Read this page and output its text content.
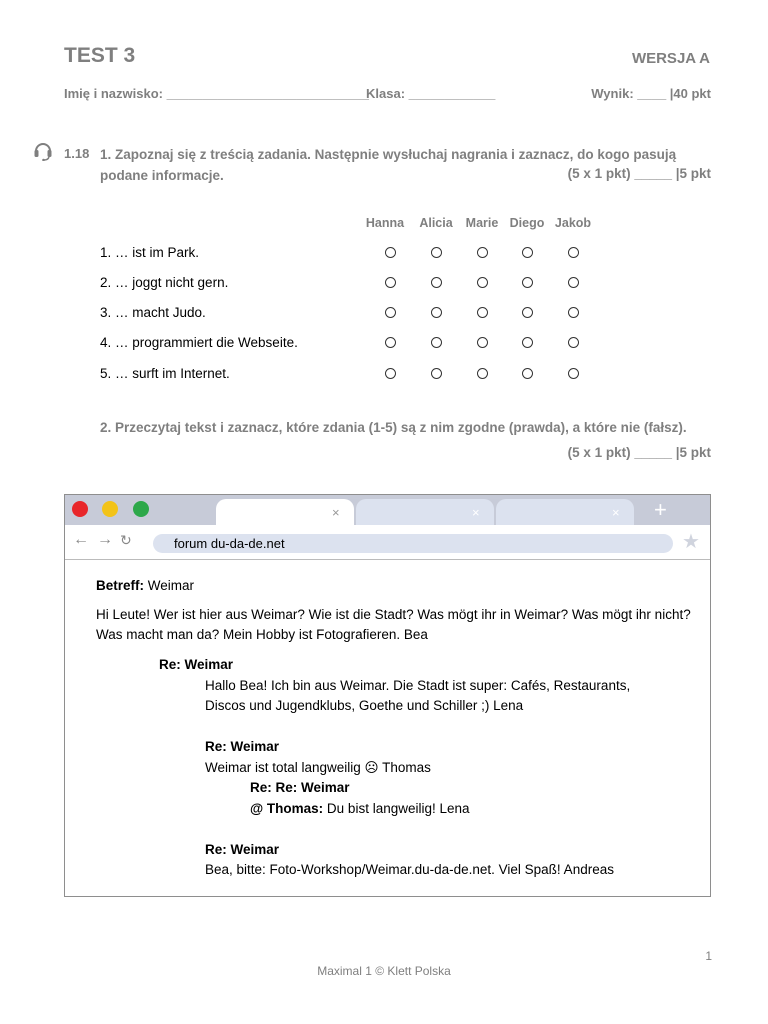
TEST 3	WERSJA A
Imię i nazwisko: ____________________________
Klasa: ____________	Wynik: ____ |40 pkt
1.18 1. Zapoznaj się z treścią zadania. Następnie wysłuchaj nagrania i zaznacz, do kogo pasują podane informacje.	(5 x 1 pkt) _____ |5 pkt
Hanna	Alicia	Marie Diego Jakob
1. … ist im Park.
2. … joggt nicht gern.
3. … macht Judo.
4. … programmiert die Webseite.
5. … surft im Internet.
2. Przeczytaj tekst i zaznacz, które zdania (1-5) są z nim zgodne (prawda), a które nie (fałsz).
(5 x 1 pkt) _____ |5 pkt
×	×	× +
← → ↻	forum du-da-de.net	★
Betreff: Weimar
Hi Leute! Wer ist hier aus Weimar? Wie ist die Stadt? Was mögt ihr in Weimar? Was mögt ihr nicht? Was macht man da? Mein Hobby ist Fotografieren. Bea
Re: Weimar
Hallo Bea! Ich bin aus Weimar. Die Stadt ist super: Cafés, Restaurants, Discos und Jugendklubs, Goethe und Schiller ;) Lena
Re: Weimar
Weimar ist total langweilig ☹ Thomas
Re: Re: Weimar
@ Thomas: Du bist langweilig! Lena
Re: Weimar
Bea, bitte: Foto-Workshop/Weimar.du-da-de.net. Viel Spaß! Andreas
1
Maximal 1 © Klett Polska
